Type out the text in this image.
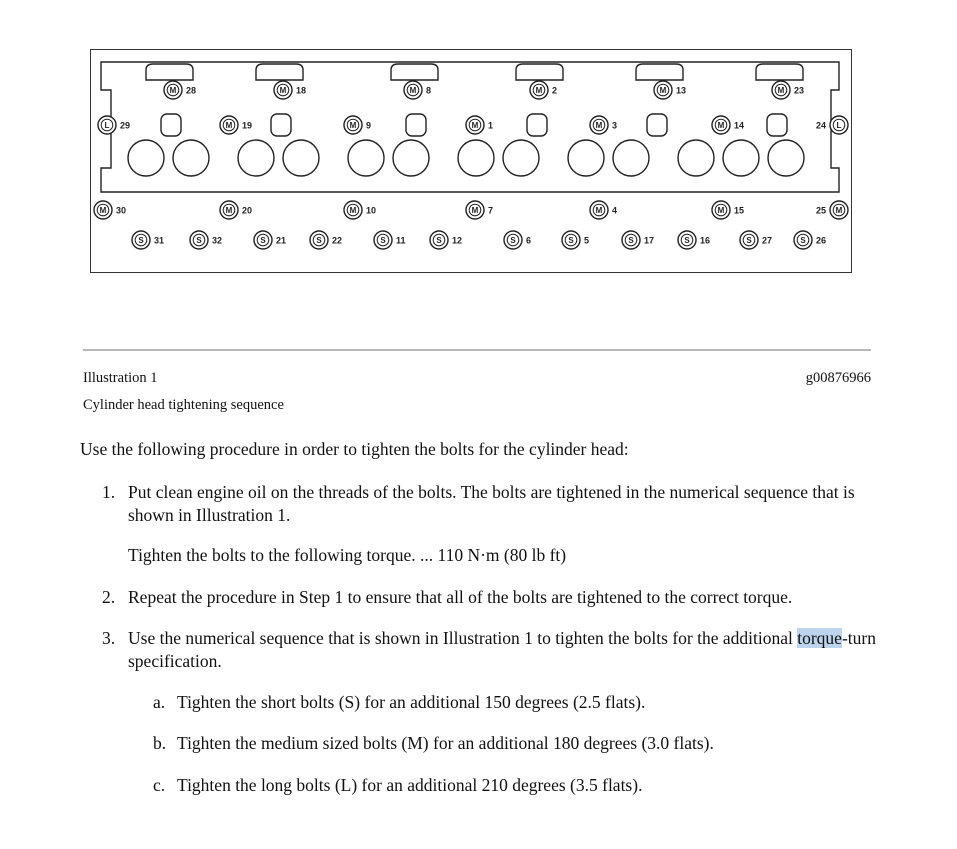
M 28	M 18	M 8	M 2	M 13	M 23
L 29	M 19	M 9	M 1	M 3	M 14	L
24
M 30	M 20	M 10	M 7	M 4	M 15	M
25
S 31	S 32	S 21	S 22	S 11	S 12	S 6	S 5	S 17	S 16	S 27	S 26
Illustration 1	g00876966
Cylinder head tightening sequence
Use the following procedure in order to tighten the bolts for the cylinder head:
1. Put clean engine oil on the threads of the bolts. The bolts are tightened in the numerical sequence that is shown in Illustration 1.
Tighten the bolts to the following torque. ... 110 N·m (80 lb ft)
2. Repeat the procedure in Step 1 to ensure that all of the bolts are tightened to the correct torque.
3. Use the numerical sequence that is shown in Illustration 1 to tighten the bolts for the additional torque-turn specification.
a. Tighten the short bolts (S) for an additional 150 degrees (2.5 flats).
b. Tighten the medium sized bolts (M) for an additional 180 degrees (3.0 flats).
c. Tighten the long bolts (L) for an additional 210 degrees (3.5 flats).
